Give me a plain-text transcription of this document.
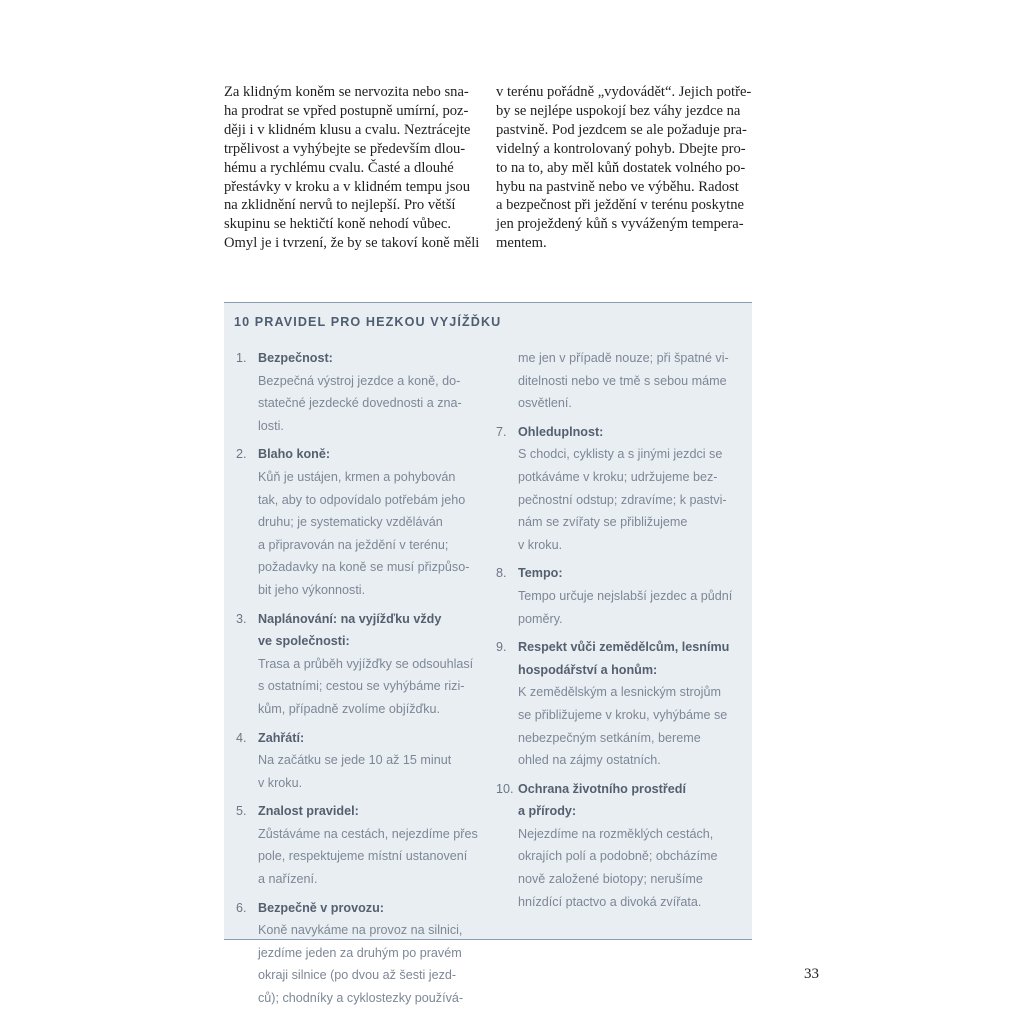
Za klidným koněm se nervozita nebo sna-
ha prodrat se vpřed postupně umírní, poz-
ději i v klidném klusu a cvalu. Neztrácejte
trpělivost a vyhýbejte se především dlou-
hému a rychlému cvalu. Časté a dlouhé
přestávky v kroku a v klidném tempu jsou
na zklidnění nervů to nejlepší. Pro větší
skupinu se hektičtí koně nehodí vůbec.
Omyl je i tvrzení, že by se takoví koně měli
v terénu pořádně „vydovádět“. Jejich potře-
by se nejlépe uspokojí bez váhy jezdce na
pastvině. Pod jezdcem se ale požaduje pra-
videlný a kontrolovaný pohyb. Dbejte pro-
to na to, aby měl kůň dostatek volného po-
hybu na pastvině nebo ve výběhu. Radost
a bezpečnost při ježdění v terénu poskytne
jen proježdený kůň s vyváženým tempera-
mentem.
10 PRAVIDEL PRO HEZKOU VYJÍŽĎKU
1. Bezpečnost:
Bezpečná výstroj jezdce a koně, do-
statečné jezdecké dovednosti a zna-
losti.
2. Blaho koně:
Kůň je ustájen, krmen a pohybován
tak, aby to odpovídalo potřebám jeho
druhu; je systematicky vzděláván
a připravován na ježdění v terénu;
požadavky na koně se musí přizpůso-
bit jeho výkonnosti.
3. Naplánování: na vyjížďku vždy
ve společnosti:
Trasa a průběh vyjížďky se odsouhlasí
s ostatními; cestou se vyhýbáme rizi-
kům, případně zvolíme objížďku.
4. Zahřátí:
Na začátku se jede 10 až 15 minut
v kroku.
5. Znalost pravidel:
Zůstáváme na cestách, nejezdíme přes
pole, respektujeme místní ustanovení
a nařízení.
6. Bezpečně v provozu:
Koně navykáme na provoz na silnici,
jezdíme jeden za druhým po pravém
okraji silnice (po dvou až šesti jezd-
ců); chodníky a cyklostezky používá-
me jen v případě nouze; při špatné vi-
ditelnosti nebo ve tmě s sebou máme
osvětlení.
7. Ohleduplnost:
S chodci, cyklisty a s jinými jezdci se
potkáváme v kroku; udržujeme bez-
pečnostní odstup; zdravíme; k pastvi-
nám se zvířaty se přibližujeme
v kroku.
8. Tempo:
Tempo určuje nejslabší jezdec a půdní
poměry.
9. Respekt vůči zemědělcům, lesnímu
hospodářství a honům:
K zemědělským a lesnickým strojům
se přibližujeme v kroku, vyhýbáme se
nebezpečným setkáním, bereme
ohled na zájmy ostatních.
10. Ochrana životního prostředí
a přírody:
Nejezdíme na rozměklých cestách,
okrajích polí a podobně; obcházíme
nově založené biotopy; nerušíme
hnízdící ptactvo a divoká zvířata.
33
